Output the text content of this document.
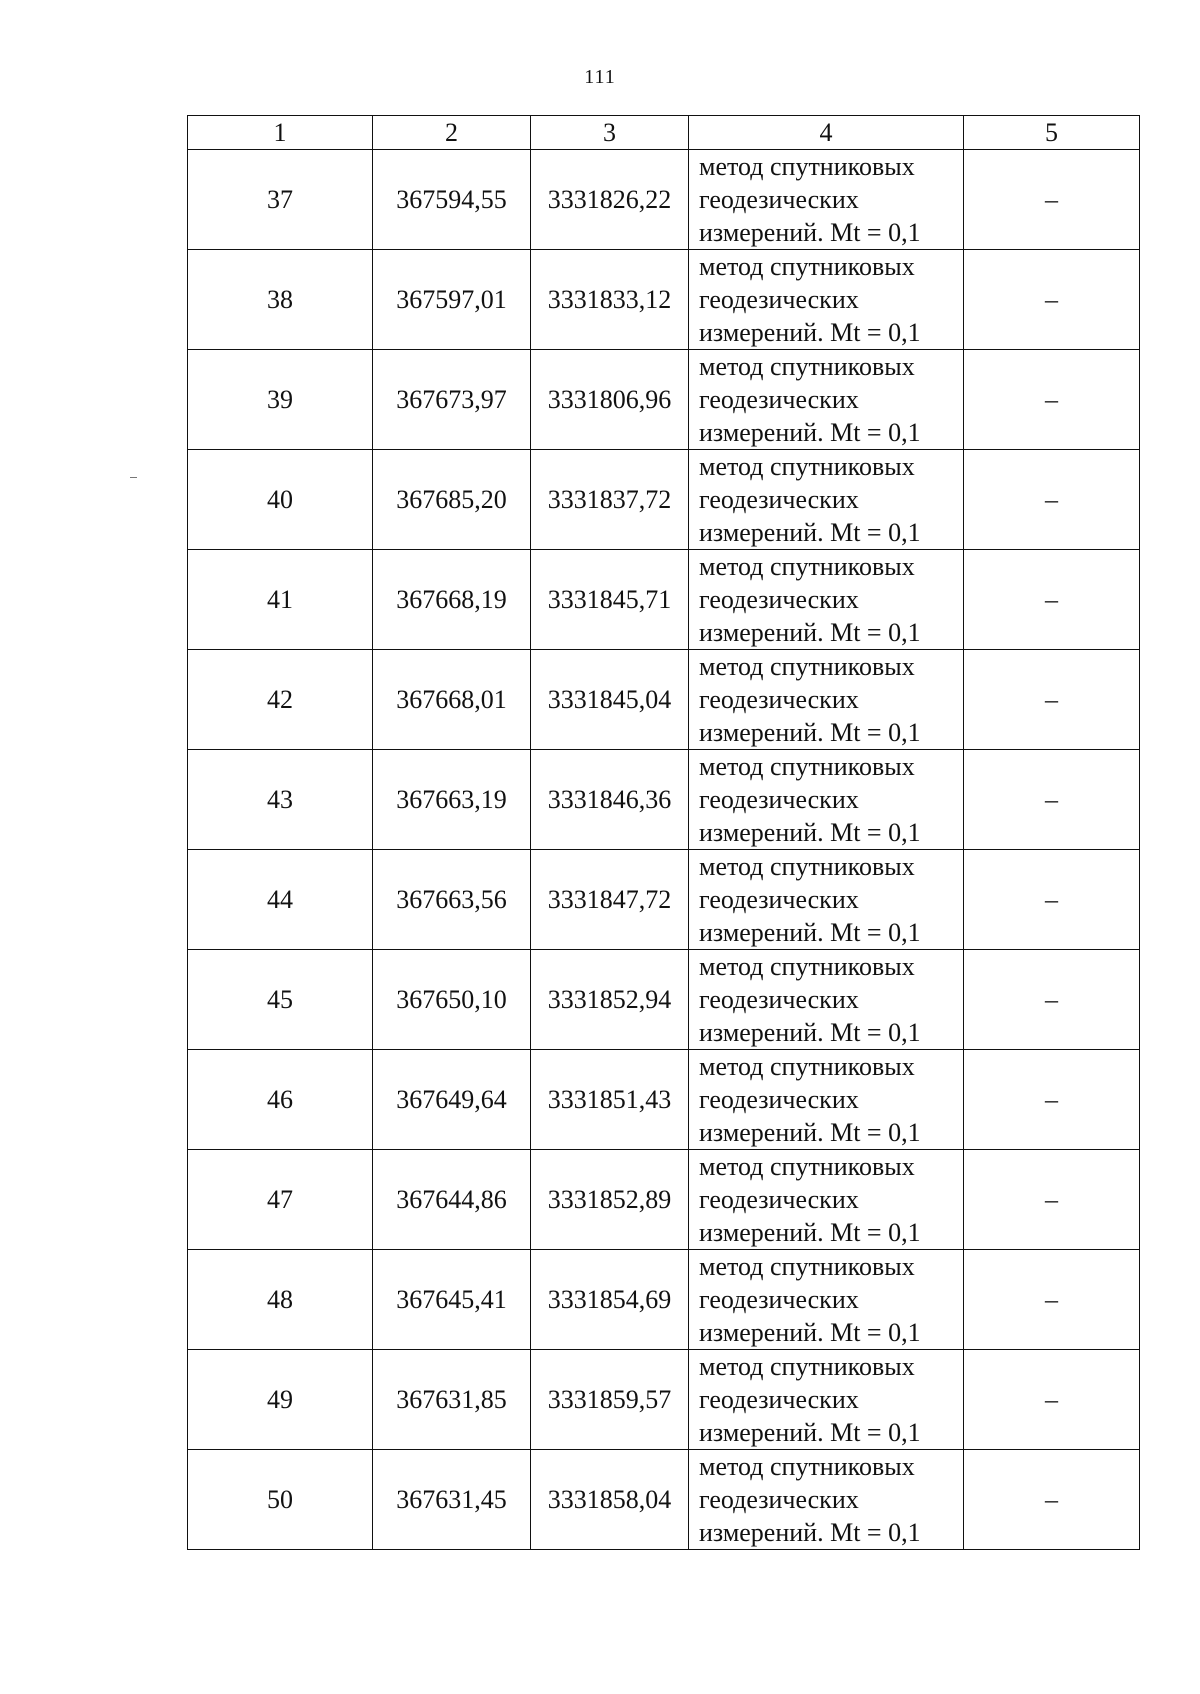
111
1	2	3	4	5
37	367594,55	3331826,22	метод спутниковых
геодезических
измерений. Mt = 0,1	–
38	367597,01	3331833,12	метод спутниковых
геодезических
измерений. Mt = 0,1	–
39	367673,97	3331806,96	метод спутниковых
геодезических
измерений. Mt = 0,1	–
40	367685,20	3331837,72	метод спутниковых
геодезических
измерений. Mt = 0,1	–
41	367668,19	3331845,71	метод спутниковых
геодезических
измерений. Mt = 0,1	–
42	367668,01	3331845,04	метод спутниковых
геодезических
измерений. Mt = 0,1	–
43	367663,19	3331846,36	метод спутниковых
геодезических
измерений. Mt = 0,1	–
44	367663,56	3331847,72	метод спутниковых
геодезических
измерений. Mt = 0,1	–
45	367650,10	3331852,94	метод спутниковых
геодезических
измерений. Mt = 0,1	–
46	367649,64	3331851,43	метод спутниковых
геодезических
измерений. Mt = 0,1	–
47	367644,86	3331852,89	метод спутниковых
геодезических
измерений. Mt = 0,1	–
48	367645,41	3331854,69	метод спутниковых
геодезических
измерений. Mt = 0,1	–
49	367631,85	3331859,57	метод спутниковых
геодезических
измерений. Mt = 0,1	–
50	367631,45	3331858,04	метод спутниковых
геодезических
измерений. Mt = 0,1	–
